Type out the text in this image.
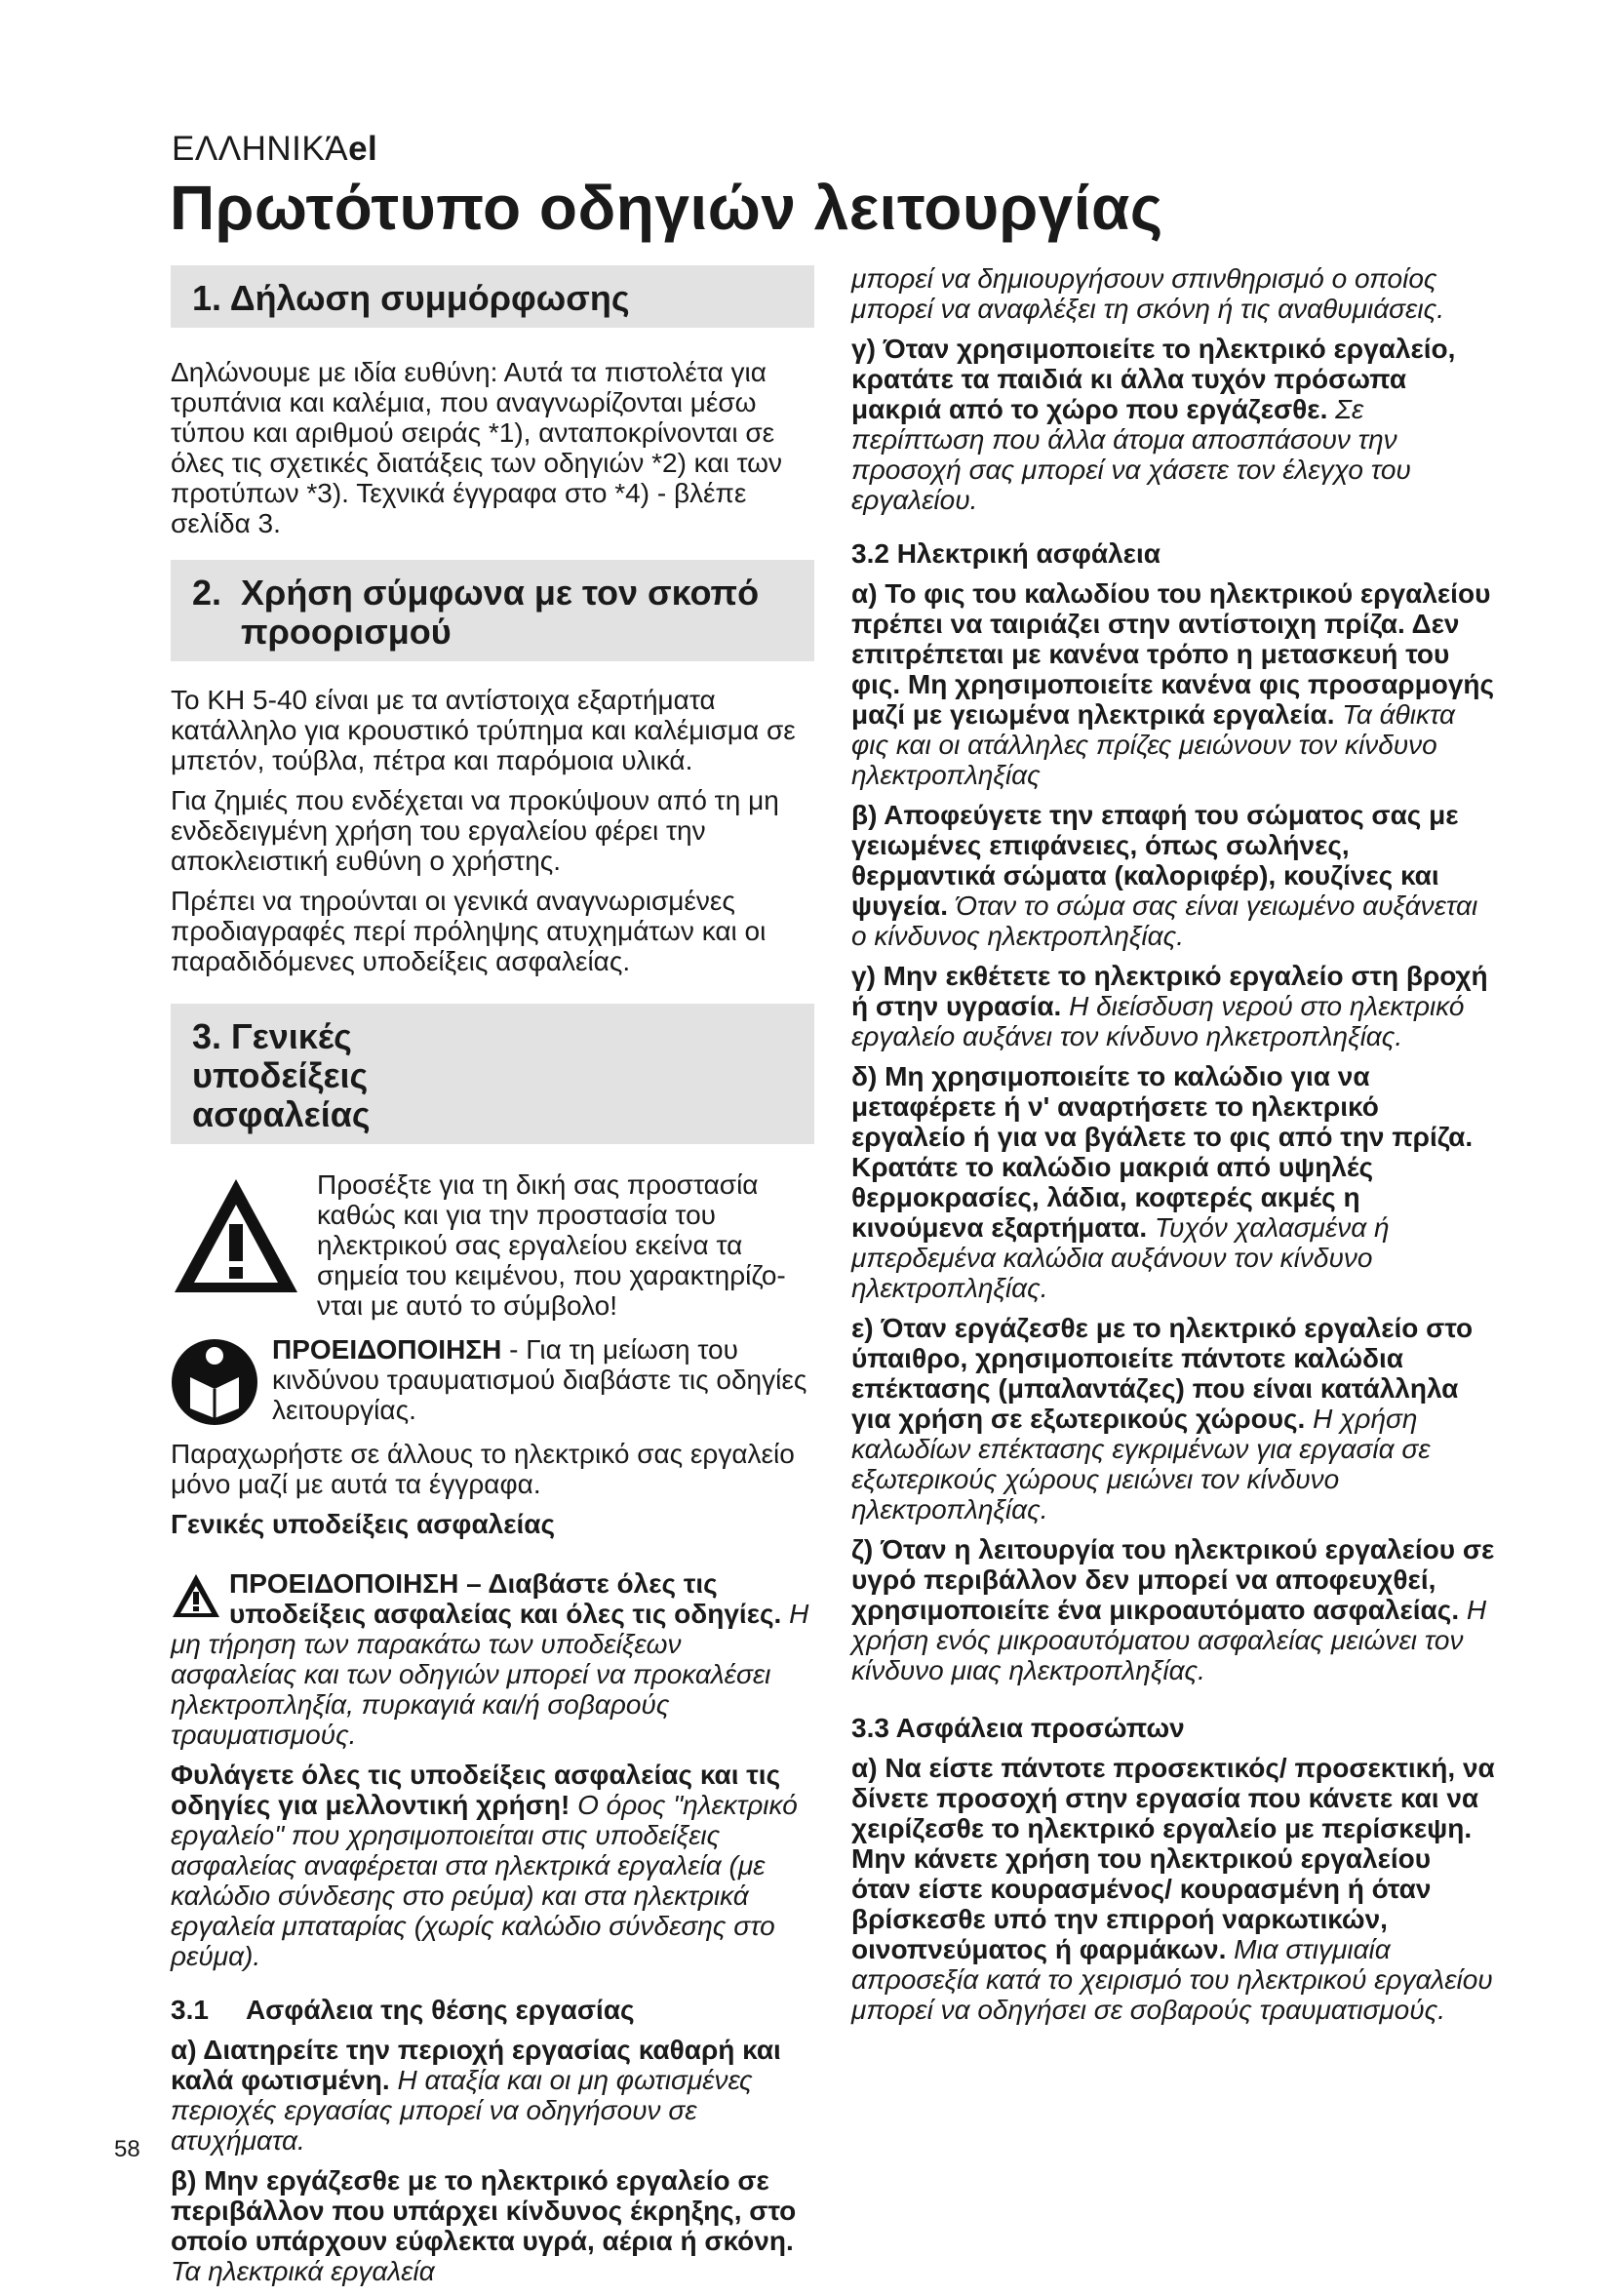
ΕΛΛΗΝΙΚΆel
Πρωτότυπο οδηγιών λειτουργίας
1. Δήλωση συμμόρφωσης

Δηλώνουμε με ιδία ευθύνη: Αυτά τα πιστολέτα για τρυπάνια και καλέμια, που αναγνωρίζονται μέσω τύπου και αριθμού σειράς *1), ανταποκρίνονται σε όλες τις σχετικές διατάξεις των οδηγιών *2) και των προτύπων *3). Τεχνικά έγγραφα στο *4) - βλέπε σελίδα 3.

2. Χρήση σύμφωνα με τον σκοπό προορισμού

Το KH 5-40 είναι με τα αντίστοιχα εξαρτήματα κατάλληλο για κρουστικό τρύπημα και καλέμισμα σε μπετόν, τούβλα, πέτρα και παρόμοια υλικά.

Για ζημιές που ενδέχεται να προκύψουν από τη μη ενδεδειγμένη χρήση του εργαλείου φέρει την αποκλειστική ευθύνη ο χρήστης.

Πρέπει να τηρούνται οι γενικά αναγνωρισμένες προδιαγραφές περί πρόληψης ατυχημάτων και οι παραδιδόμενες υποδείξεις ασφαλείας.

3. Γενικές υποδείξεις ασφαλείας

Προσέξτε για τη δική σας προστασία καθώς και για την προστασία του ηλεκτρικού σας εργαλείου εκείνα τα σημεία του κειμένου, που χαρακτηρίζο-νται με αυτό το σύμβολο!

ΠΡΟΕΙΔΟΠΟΙΗΣΗ - Για τη μείωση του κινδύνου τραυματισμού διαβάστε τις οδηγίες λειτουργίας.

Παραχωρήστε σε άλλους το ηλεκτρικό σας εργαλείο μόνο μαζί με αυτά τα έγγραφα.

Γενικές υποδείξεις ασφαλείας

ΠΡΟΕΙΔΟΠΟΙΗΣΗ – Διαβάστε όλες τις υποδείξεις ασφαλείας και όλες τις οδηγίες. Η μη τήρηση των παρακάτω των υποδείξεων ασφαλείας και των οδηγιών μπορεί να προκαλέσει ηλεκτροπληξία, πυρκαγιά και/ή σοβαρούς τραυματισμούς.

Φυλάγετε όλες τις υποδείξεις ασφαλείας και τις οδηγίες για μελλοντική χρήση! Ο όρος "ηλεκτρικό εργαλείο" που χρησιμοποιείται στις υποδείξεις ασφαλείας αναφέρεται στα ηλεκτρικά εργαλεία (με καλώδιο σύνδεσης στο ρεύμα) και στα ηλεκτρικά εργαλεία μπαταρίας (χωρίς καλώδιο σύνδεσης στο ρεύμα).

3.1 Ασφάλεια της θέσης εργασίας

α) Διατηρείτε την περιοχή εργασίας καθαρή και καλά φωτισμένη. Η αταξία και οι μη φωτισμένες περιοχές εργασίας μπορεί να οδηγήσουν σε ατυχήματα.

β) Μην εργάζεσθε με το ηλεκτρικό εργαλείο σε περιβάλλον που υπάρχει κίνδυνος έκρηξης, στο οποίο υπάρχουν εύφλεκτα υγρά, αέρια ή σκόνη. Τα ηλεκτρικά εργαλεία

μπορεί να δημιουργήσουν σπινθηρισμό ο οποίος μπορεί να αναφλέξει τη σκόνη ή τις αναθυμιάσεις.

γ) Όταν χρησιμοποιείτε το ηλεκτρικό εργαλείο, κρατάτε τα παιδιά κι άλλα τυχόν πρόσωπα μακριά από το χώρο που εργάζεσθε. Σε περίπτωση που άλλα άτομα αποσπάσουν την προσοχή σας μπορεί να χάσετε τον έλεγχο του εργαλείου.

3.2 Ηλεκτρική ασφάλεια

α) Το φις του καλωδίου του ηλεκτρικού εργαλείου πρέπει να ταιριάζει στην αντίστοιχη πρίζα. Δεν επιτρέπεται με κανένα τρόπο η μετασκευή του φις. Μη χρησιμοποιείτε κανένα φις προσαρμογής μαζί με γειωμένα ηλεκτρικά εργαλεία. Τα άθικτα φις και οι ατάλληλες πρίζες μειώνουν τον κίνδυνο ηλεκτροπληξίας

β) Αποφεύγετε την επαφή του σώματος σας με γειωμένες επιφάνειες, όπως σωλήνες, θερμαντικά σώματα (καλοριφέρ), κουζίνες και ψυγεία. Όταν το σώμα σας είναι γειωμένο αυξάνεται ο κίνδυνος ηλεκτροπληξίας.

γ) Μην εκθέτετε το ηλεκτρικό εργαλείο στη βροχή ή στην υγρασία. Η διείσδυση νερού στο ηλεκτρικό εργαλείο αυξάνει τον κίνδυνο ηλκετροπληξίας.

δ) Μη χρησιμοποιείτε το καλώδιο για να μεταφέρετε ή ν' αναρτήσετε το ηλεκτρικό εργαλείο ή για να βγάλετε το φις από την πρίζα. Κρατάτε το καλώδιο μακριά από υψηλές θερμοκρασίες, λάδια, κοφτερές ακμές η κινούμενα εξαρτήματα. Τυχόν χαλασμένα ή μπερδεμένα καλώδια αυξάνουν τον κίνδυνο ηλεκτροπληξίας.

ε) Όταν εργάζεσθε με το ηλεκτρικό εργαλείο στο ύπαιθρο, χρησιμοποιείτε πάντοτε καλώδια επέκτασης (μπαλαντάζες) που είναι κατάλληλα για χρήση σε εξωτερικούς χώρους. Η χρήση καλωδίων επέκτασης εγκριμένων για εργασία σε εξωτερικούς χώρους μειώνει τον κίνδυνο ηλεκτροπληξίας.

ζ) Όταν η λειτουργία του ηλεκτρικού εργαλείου σε υγρό περιβάλλον δεν μπορεί να αποφευχθεί, χρησιμοποιείτε ένα μικροαυτόματο ασφαλείας. Η χρήση ενός μικροαυτόματου ασφαλείας μειώνει τον κίνδυνο μιας ηλεκτροπληξίας.

3.3 Ασφάλεια προσώπων

α) Να είστε πάντοτε προσεκτικός/ προσεκτική, να δίνετε προσοχή στην εργασία που κάνετε και να χειρίζεσθε το ηλεκτρικό εργαλείο με περίσκεψη. Μην κάνετε χρήση του ηλεκτρικού εργαλείου όταν είστε κουρασμένος/ κουρασμένη ή όταν βρίσκεσθε υπό την επιρροή ναρκωτικών, οινοπνεύματος ή φαρμάκων. Μια στιγμιαία απροσεξία κατά το χειρισμό του ηλεκτρικού εργαλείου μπορεί να οδηγήσει σε σοβαρούς τραυματισμούς.

58
